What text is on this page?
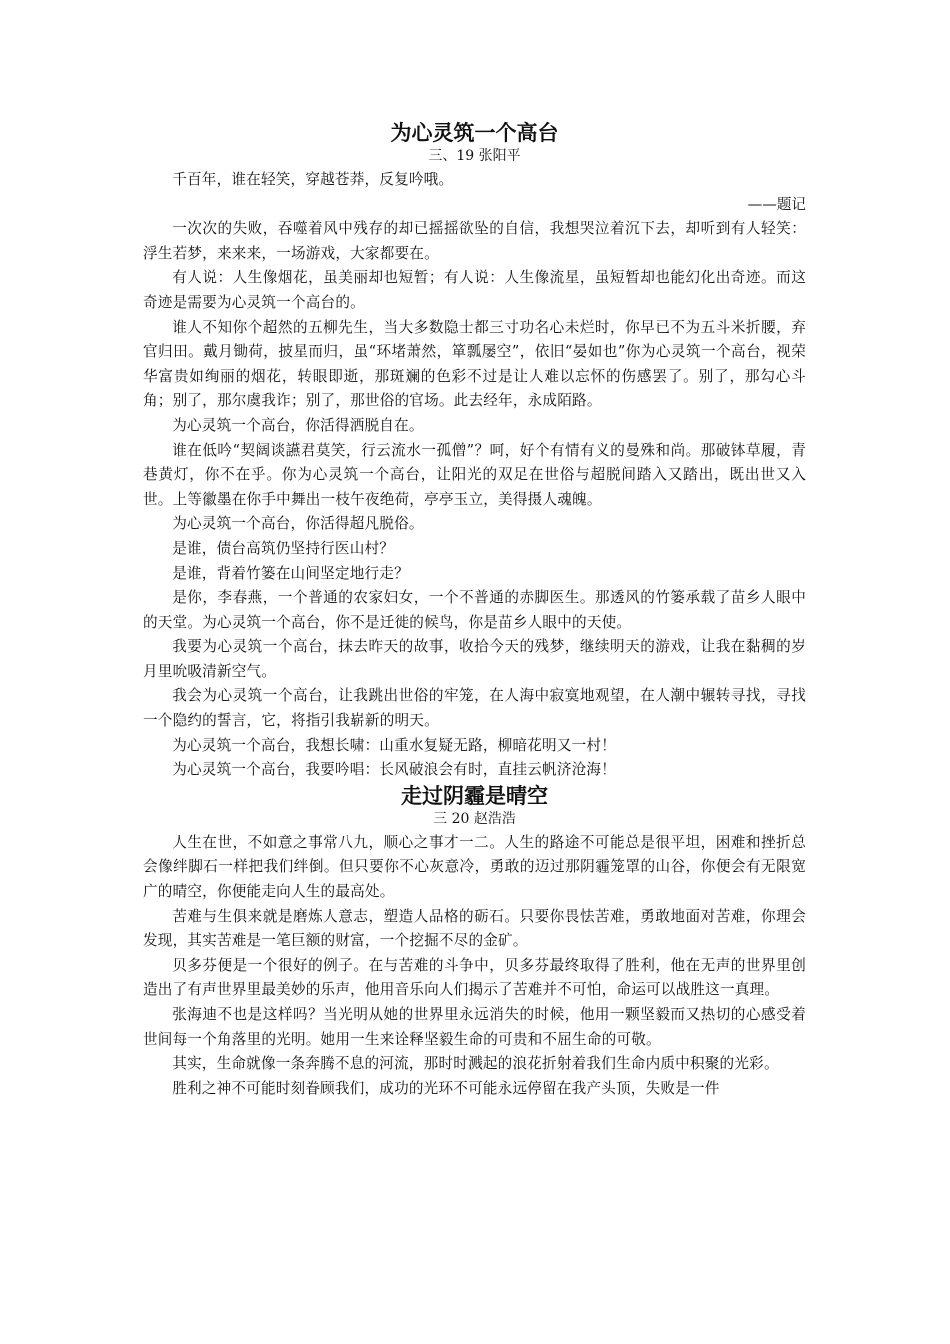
为心灵筑一个高台

三、19 张阳平

千百年，谁在轻笑，穿越苍莽，反复吟哦。

——题记

一次次的失败，吞噬着风中残存的却已摇摇欲坠的自信，我想哭泣着沉下去，却听到有人轻笑：浮生若梦，来来来，一场游戏，大家都要在。

有人说：人生像烟花，虽美丽却也短暂；有人说：人生像流星，虽短暂却也能幻化出奇迹。而这奇迹是需要为心灵筑一个高台的。

谁人不知你个超然的五柳先生，当大多数隐士都三寸功名心未烂时，你早已不为五斗米折腰，弃官归田。戴月锄荷，披星而归，虽“环堵萧然，箪瓢屡空”，依旧“晏如也”你为心灵筑一个高台，视荣华富贵如绚丽的烟花，转眼即逝，那斑斓的色彩不过是让人难以忘怀的伤感罢了。别了，那勾心斗角；别了，那尔虞我诈；别了，那世俗的官场。此去经年，永成陌路。

为心灵筑一个高台，你活得洒脱自在。

谁在低吟“契阔谈讌君莫笑，行云流水一孤僧”？呵，好个有情有义的曼殊和尚。那破钵草履，青巷黄灯，你不在乎。你为心灵筑一个高台，让阳光的双足在世俗与超脱间踏入又踏出，既出世又入世。上等徽墨在你手中舞出一枝午夜绝荷，亭亭玉立，美得摄人魂魄。

为心灵筑一个高台，你活得超凡脱俗。

是谁，债台高筑仍坚持行医山村？

是谁，背着竹篓在山间坚定地行走？

是你，李春燕，一个普通的农家妇女，一个不普通的赤脚医生。那透风的竹篓承载了苗乡人眼中的天堂。为心灵筑一个高台，你不是迁徙的候鸟，你是苗乡人眼中的天使。

我要为心灵筑一个高台，抹去昨天的故事，收拾今天的残梦，继续明天的游戏，让我在黏稠的岁月里吮吸清新空气。

我会为心灵筑一个高台，让我跳出世俗的牢笼，在人海中寂寞地观望，在人潮中辗转寻找，寻找一个隐约的誓言，它，将指引我崭新的明天。

为心灵筑一个高台，我想长啸：山重水复疑无路，柳暗花明又一村！

为心灵筑一个高台，我要吟唱：长风破浪会有时，直挂云帆济沧海！

走过阴霾是晴空

三 20 赵浩浩

人生在世，不如意之事常八九，顺心之事才一二。人生的路途不可能总是很平坦，困难和挫折总会像绊脚石一样把我们绊倒。但只要你不心灰意冷，勇敢的迈过那阴霾笼罩的山谷，你便会有无限宽广的晴空，你便能走向人生的最高处。

苦难与生俱来就是磨炼人意志，塑造人品格的砺石。只要你畏怯苦难，勇敢地面对苦难，你理会发现，其实苦难是一笔巨额的财富，一个挖掘不尽的金矿。

贝多芬便是一个很好的例子。在与苦难的斗争中，贝多芬最终取得了胜利，他在无声的世界里创造出了有声世界里最美妙的乐声，他用音乐向人们揭示了苦难并不可怕，命运可以战胜这一真理。

张海迪不也是这样吗？当光明从她的世界里永远消失的时候，他用一颗坚毅而又热切的心感受着世间每一个角落里的光明。她用一生来诠释坚毅生命的可贵和不屈生命的可敬。

其实，生命就像一条奔腾不息的河流，那时时溅起的浪花折射着我们生命内质中积聚的光彩。

胜利之神不可能时刻眷顾我们，成功的光环不可能永远停留在我产头顶，失败是一件
